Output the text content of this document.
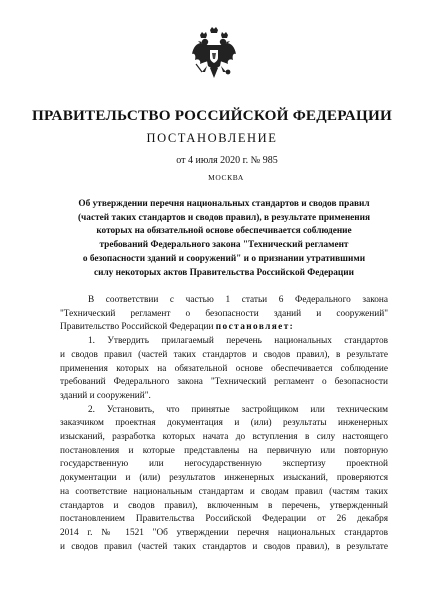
ПРАВИТЕЛЬСТВО РОССИЙСКОЙ ФЕДЕРАЦИИ
ПОСТАНОВЛЕНИЕ
от 4 июля 2020 г. № 985
МОСКВА
Об утверждении перечня национальных стандартов и сводов правил
(частей таких стандартов и сводов правил), в результате применения
которых на обязательной основе обеспечивается соблюдение
требований Федерального закона "Технический регламент
о безопасности зданий и сооружений" и о признании утратившими
силу некоторых актов Правительства Российской Федерации
В соответствии с частью 1 статьи 6 Федерального закона
"Технический регламент о безопасности зданий и сооружений"
Правительство Российской Федерации постановляет:
1. Утвердить прилагаемый перечень национальных стандартов
и сводов правил (частей таких стандартов и сводов правил), в результате
применения которых на обязательной основе обеспечивается соблюдение
требований Федерального закона "Технический регламент о безопасности
зданий и сооружений".
2. Установить, что принятые застройщиком или техническим
заказчиком проектная документация и (или) результаты инженерных
изысканий, разработка которых начата до вступления в силу настоящего
постановления и которые представлены на первичную или повторную
государственную или негосударственную экспертизу проектной
документации и (или) результатов инженерных изысканий, проверяются
на соответствие национальным стандартам и сводам правил (частям таких
стандартов и сводов правил), включенным в перечень, утвержденный
постановлением Правительства Российской Федерации от 26 декабря
2014 г. № 1521 "Об утверждении перечня национальных стандартов
и сводов правил (частей таких стандартов и сводов правил), в результате
